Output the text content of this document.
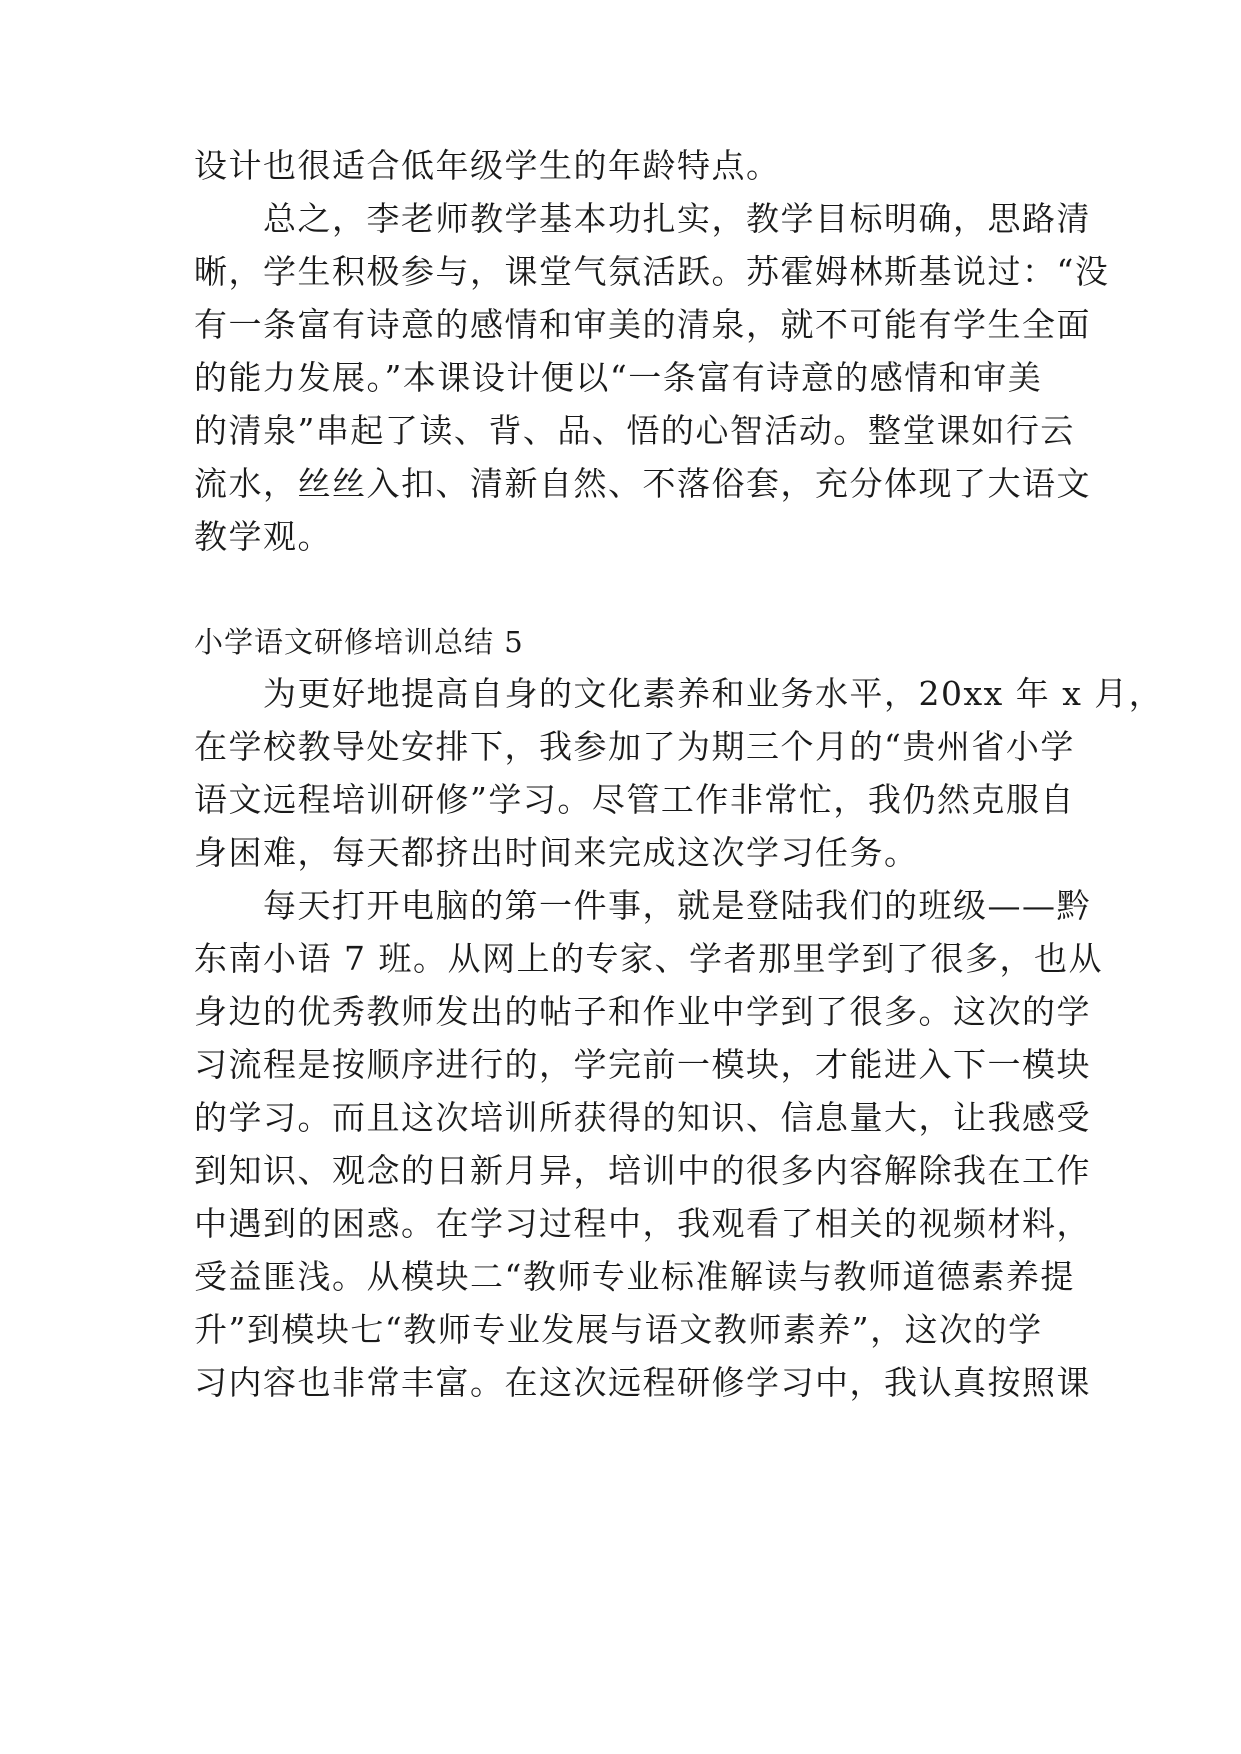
设计也很适合低年级学生的年龄特点。
　　总之，李老师教学基本功扎实，教学目标明确，思路清
晰，学生积极参与，课堂气氛活跃。苏霍姆林斯基说过：“没
有一条富有诗意的感情和审美的清泉，就不可能有学生全面
的能力发展。”本课设计便以“一条富有诗意的感情和审美
的清泉”串起了读、背、品、悟的心智活动。整堂课如行云
流水，丝丝入扣、清新自然、不落俗套，充分体现了大语文
教学观。
小学语文研修培训总结 5
　　为更好地提高自身的文化素养和业务水平，20xx 年 x 月，
在学校教导处安排下，我参加了为期三个月的“贵州省小学
语文远程培训研修”学习。尽管工作非常忙，我仍然克服自
身困难，每天都挤出时间来完成这次学习任务。
　　每天打开电脑的第一件事，就是登陆我们的班级——黔
东南小语 7 班。从网上的专家、学者那里学到了很多，也从
身边的优秀教师发出的帖子和作业中学到了很多。这次的学
习流程是按顺序进行的，学完前一模块，才能进入下一模块
的学习。而且这次培训所获得的知识、信息量大，让我感受
到知识、观念的日新月异，培训中的很多内容解除我在工作
中遇到的困惑。在学习过程中，我观看了相关的视频材料，
受益匪浅。从模块二“教师专业标准解读与教师道德素养提
升”到模块七“教师专业发展与语文教师素养”，这次的学
习内容也非常丰富。在这次远程研修学习中，我认真按照课
